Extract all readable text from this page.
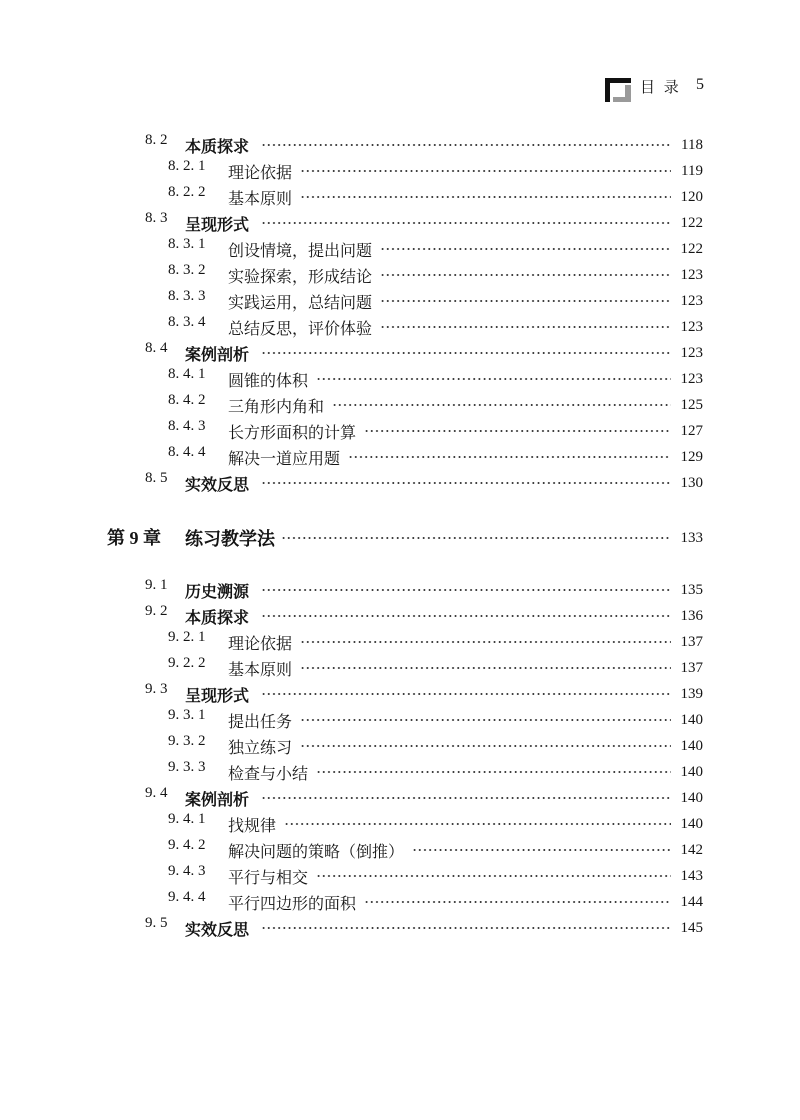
目 录 5
8. 2 本质探求	118
8. 2. 1 理论依据	119
8. 2. 2 基本原则	120
8. 3 呈现形式	122
8. 3. 1 创设情境，提出问题	122
8. 3. 2 实验探索，形成结论	123
8. 3. 3 实践运用，总结问题	123
8. 3. 4 总结反思，评价体验	123
8. 4 案例剖析	123
8. 4. 1 圆锥的体积	123
8. 4. 2 三角形内角和	125
8. 4. 3 长方形面积的计算	127
8. 4. 4 解决一道应用题	129
8. 5 实效反思	130
第 9 章 练习教学法	133
9. 1 历史溯源	135
9. 2 本质探求	136
9. 2. 1 理论依据	137
9. 2. 2 基本原则	137
9. 3 呈现形式	139
9. 3. 1 提出任务	140
9. 3. 2 独立练习	140
9. 3. 3 检查与小结	140
9. 4 案例剖析	140
9. 4. 1 找规律	140
9. 4. 2 解决问题的策略（倒推）	142
9. 4. 3 平行与相交	143
9. 4. 4 平行四边形的面积	144
9. 5 实效反思	145
